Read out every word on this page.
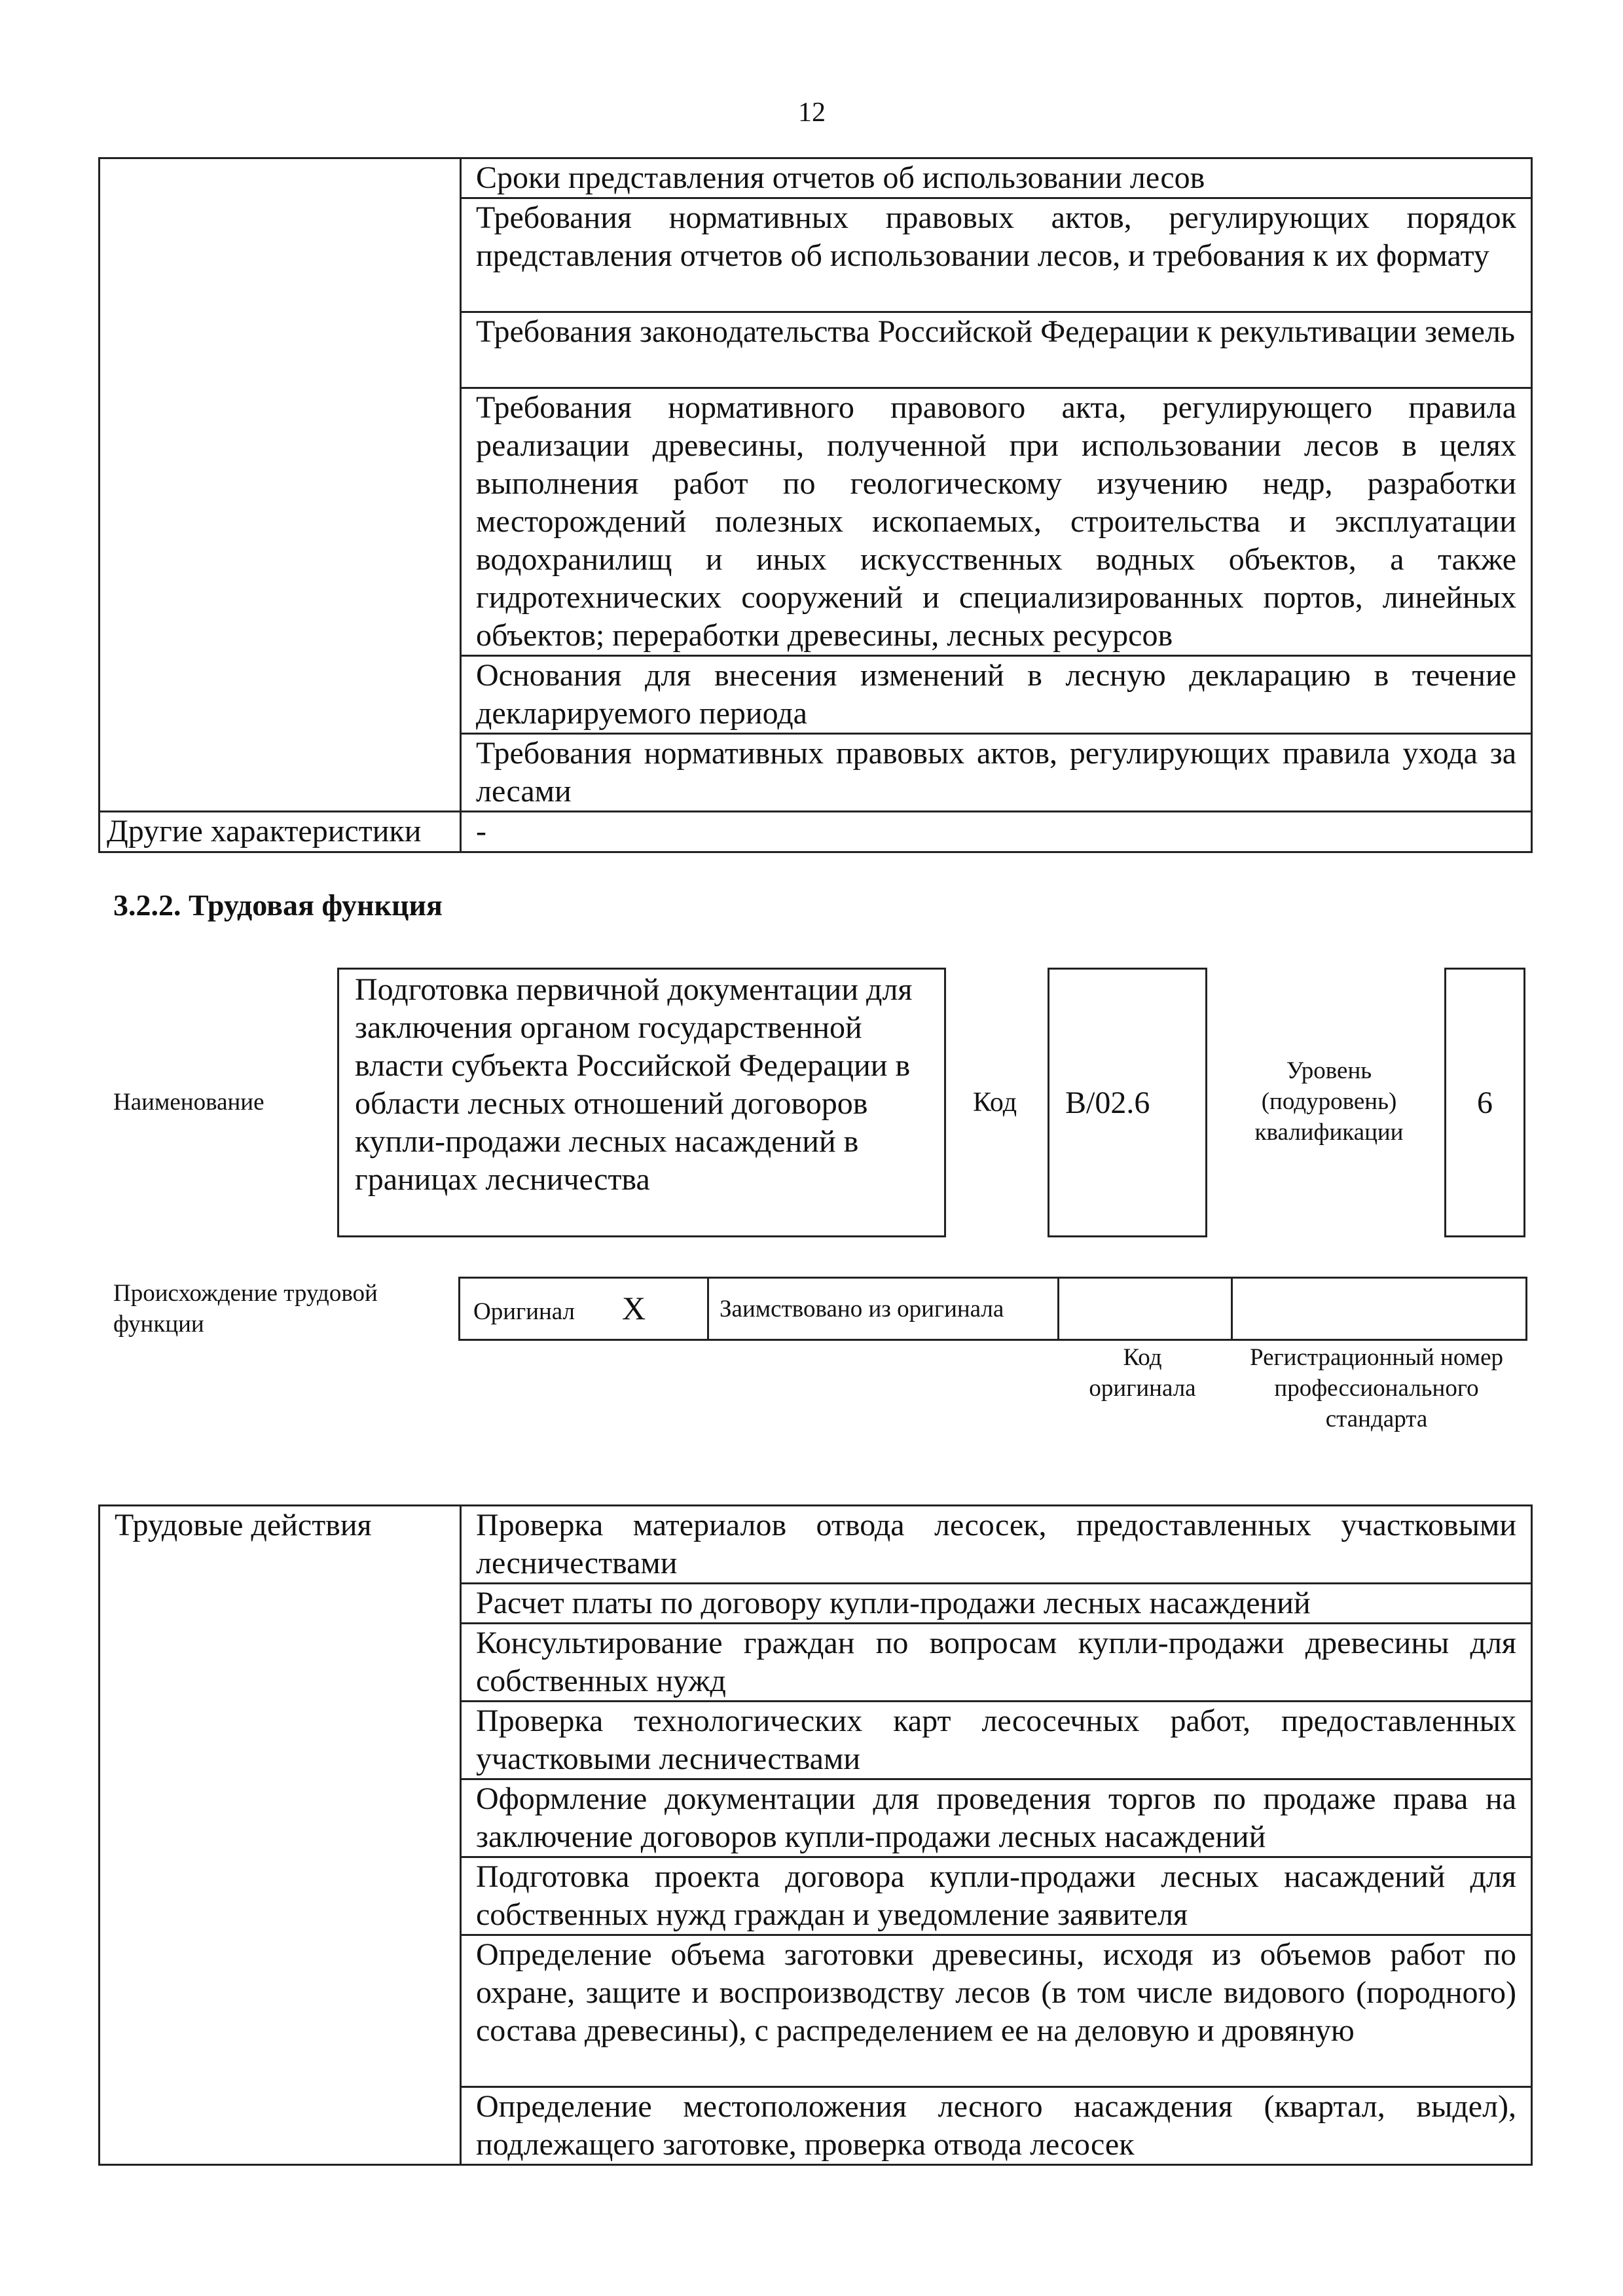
12
	Сроки представления отчетов об использовании лесов
	Требования нормативных правовых актов, регулирующих порядок представления отчетов об использовании лесов, и требования к их формату
	Требования законодательства Российской Федерации к рекультивации земель
	Требования нормативного правового акта, регулирующего правила реализации древесины, полученной при использовании лесов в целях выполнения работ по геологическому изучению недр, разработки месторождений полезных ископаемых, строительства и эксплуатации водохранилищ и иных искусственных водных объектов, а также гидротехнических сооружений и специализированных портов, линейных объектов; переработки древесины, лесных ресурсов
	Основания для внесения изменений в лесную декларацию в течение декларируемого периода
	Требования нормативных правовых актов, регулирующих правила ухода за лесами
Другие характеристики	-
3.2.2. Трудовая функция
Наименование
Подготовка первичной документации для заключения органом государственной власти субъекта Российской Федерации в области лесных отношений договоров купли-продажи лесных насаждений в границах лесничества
Код B/02.6
Уровень (подуровень) квалификации
6
Происхождение трудовой функции	Оригинал X	Заимствовано из оригинала		
Код оригинала
Регистрационный номер профессионального стандарта
Трудовые действия	Проверка материалов отвода лесосек, предоставленных участковыми лесничествами
Расчет платы по договору купли-продажи лесных насаждений
Консультирование граждан по вопросам купли-продажи древесины для собственных нужд
Проверка технологических карт лесосечных работ, предоставленных участковыми лесничествами
Оформление документации для проведения торгов по продаже права на заключение договоров купли-продажи лесных насаждений
Подготовка проекта договора купли-продажи лесных насаждений для собственных нужд граждан и уведомление заявителя
Определение объема заготовки древесины, исходя из объемов работ по охране, защите и воспроизводству лесов (в том числе видового (породного) состава древесины), с распределением ее на деловую и дровяную
Определение местоположения лесного насаждения (квартал, выдел), подлежащего заготовке, проверка отвода лесосек
